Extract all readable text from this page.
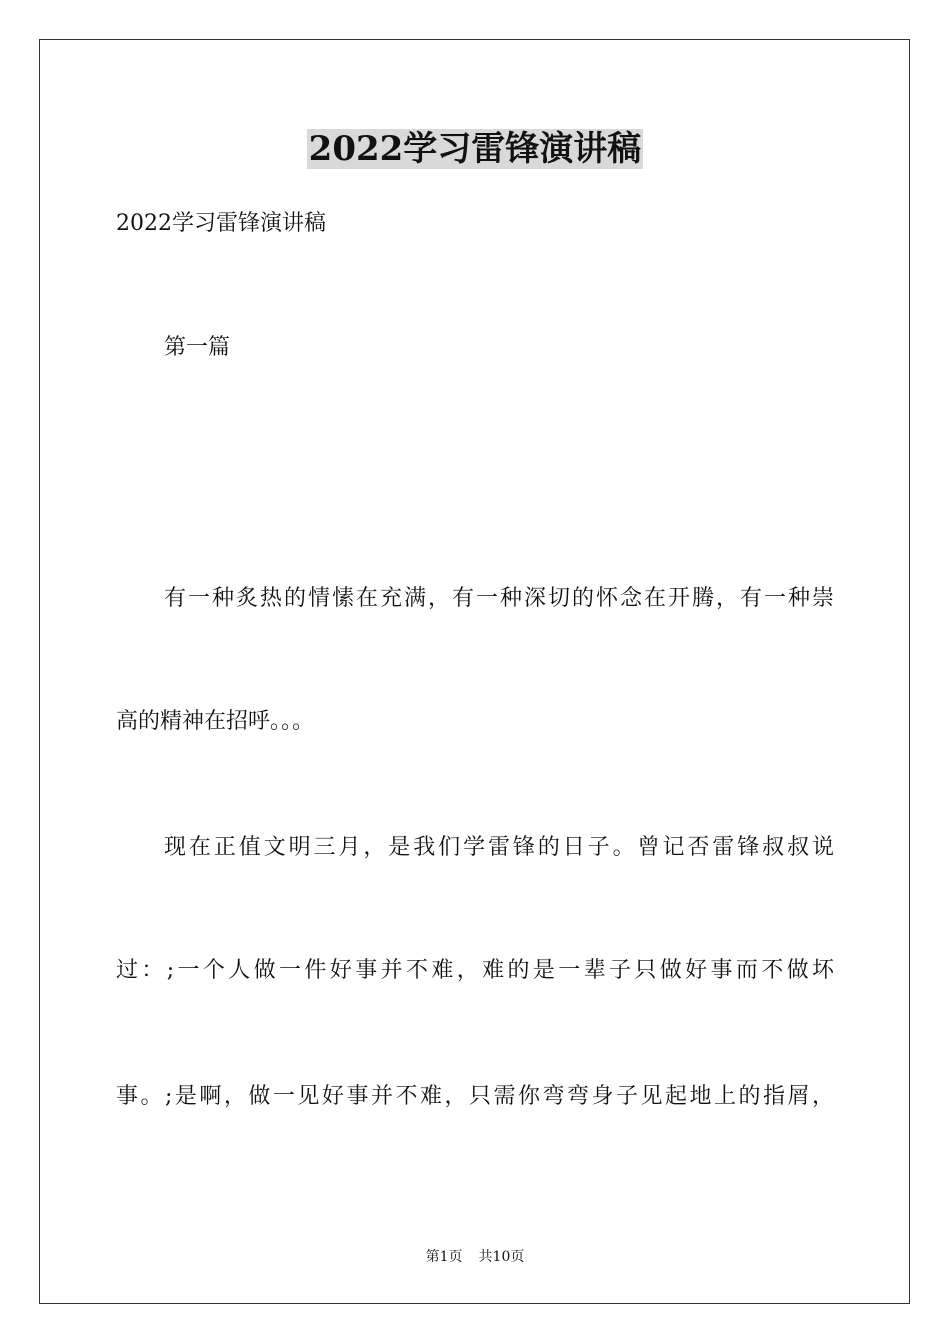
2022学习雷锋演讲稿
2022学习雷锋演讲稿
第一篇
有一种炙热的情愫在充满，有一种深切的怀念在开腾，有一种崇
高的精神在招呼。。。
现在正值文明三月，是我们学雷锋的日子。曾记否雷锋叔叔说
过：;一个人做一件好事并不难，难的是一辈子只做好事而不做坏
事。;是啊，做一见好事并不难，只需你弯弯身子见起地上的指屑，
第1页 共10页
